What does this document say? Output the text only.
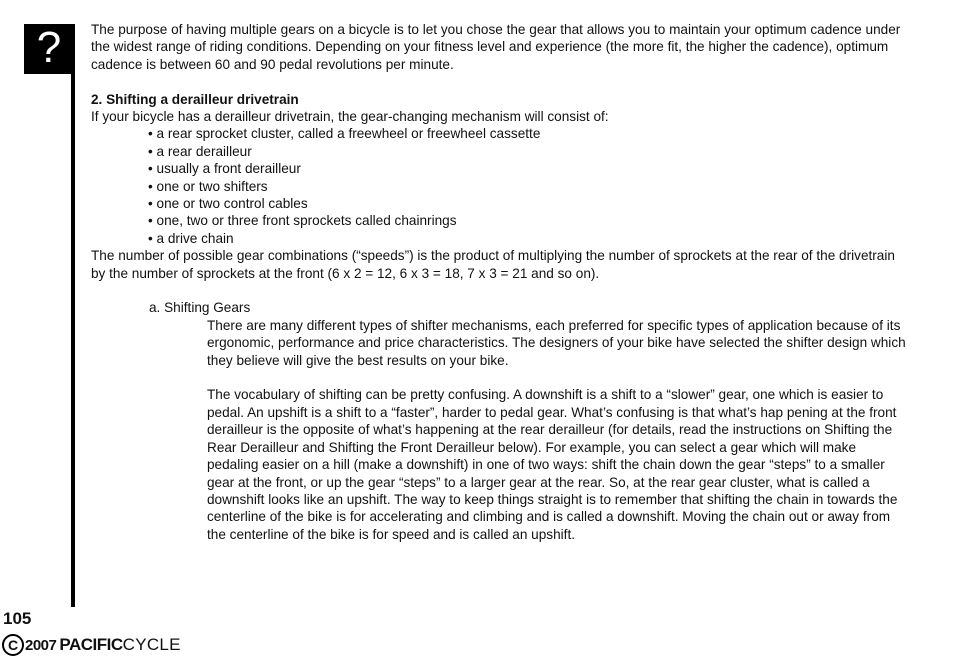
?	The purpose of having multiple gears on a bicycle is to let you chose the gear that allows you to maintain your optimum cadence under the widest range of riding conditions. Depending on your fitness level and experience (the more fit, the higher the cadence), optimum cadence is between 60 and 90 pedal revolutions per minute.

2. Shifting a derailleur drivetrain

If your bicycle has a derailleur drivetrain, the gear-changing mechanism will consist of:

• a rear sprocket cluster, called a freewheel or freewheel cassette
• a rear derailleur
• usually a front derailleur
• one or two shifters
• one or two control cables
• one, two or three front sprockets called chainrings
• a drive chain

The number of possible gear combinations (“speeds”) is the product of multiplying the number of sprockets at the rear of the drivetrain by the number of sprockets at the front (6 x 2 = 12, 6 x 3 = 18, 7 x 3 = 21 and so on).

a. Shifting Gears

There are many different types of shifter mechanisms, each preferred for specific types of application because of its ergonomic, performance and price characteristics. The designers of your bike have selected the shifter design which they believe will give the best results on your bike.

The vocabulary of shifting can be pretty confusing. A downshift is a shift to a “slower” gear, one which is easier to pedal. An upshift is a shift to a “faster”, harder to pedal gear. What’s confusing is that what’s hap pening at the front derailleur is the opposite of what’s happening at the rear derailleur (for details, read the instructions on Shifting the Rear Derailleur and Shifting the Front Derailleur below). For example, you can select a gear which will make pedaling easier on a hill (make a downshift) in one of two ways: shift the chain down the gear “steps” to a smaller gear at the front, or up the gear “steps” to a larger gear at the rear. So, at the rear gear cluster, what is called a downshift looks like an upshift. The way to keep things straight is to remember that shifting the chain in towards the centerline of the bike is for accelerating and climbing and is called a downshift. Moving the chain out or away from the centerline of the bike is for speed and is called an upshift.

105
C 2007 PACIFIC CYCLE
